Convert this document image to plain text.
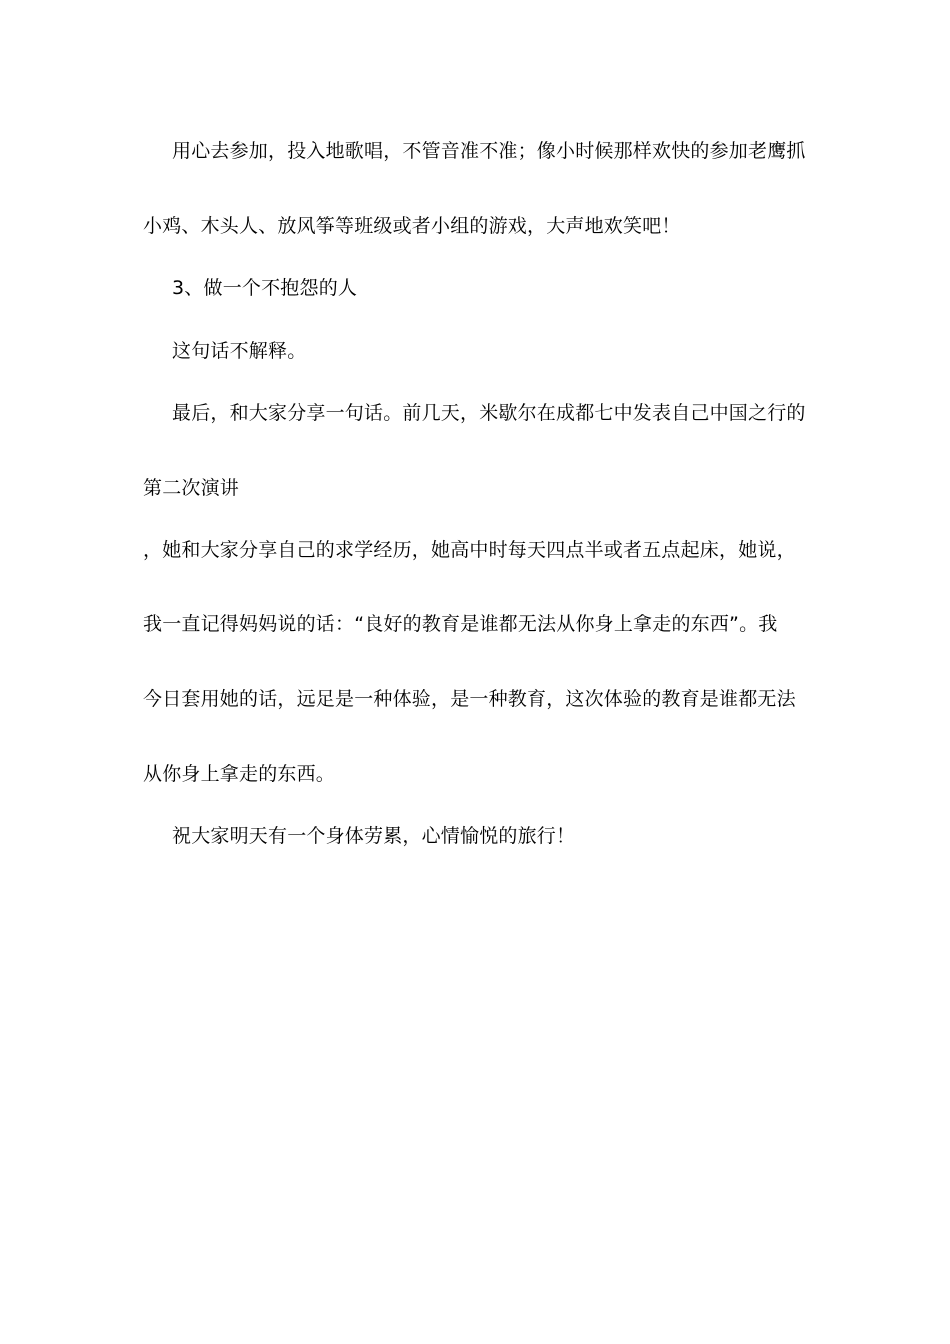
用心去参加，投入地歌唱，不管音准不准；像小时候那样欢快的参加老鹰抓
小鸡、木头人、放风筝等班级或者小组的游戏，大声地欢笑吧！
3、做一个不抱怨的人
这句话不解释。
最后，和大家分享一句话。前几天，米歇尔在成都七中发表自己中国之行的
第二次演讲
，她和大家分享自己的求学经历，她高中时每天四点半或者五点起床，她说，
我一直记得妈妈说的话：“良好的教育是谁都无法从你身上拿走的东西”。我
今日套用她的话，远足是一种体验，是一种教育，这次体验的教育是谁都无法
从你身上拿走的东西。
祝大家明天有一个身体劳累，心情愉悦的旅行！
